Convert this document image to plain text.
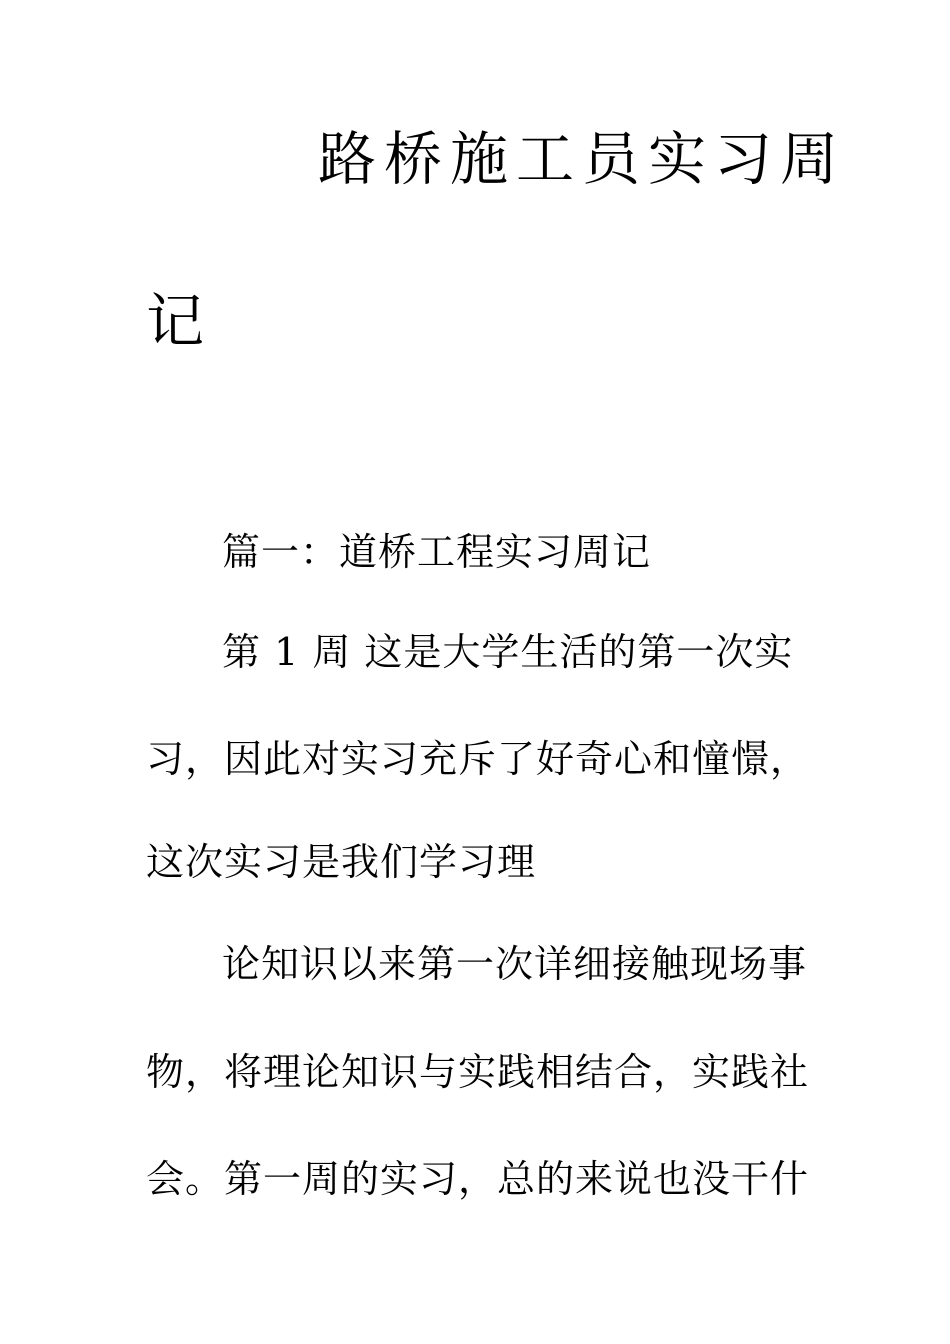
路桥施工员实习周
记
篇一：道桥工程实习周记
第 1 周 这是大学生活的第一次实
习，因此对实习充斥了好奇心和憧憬，
这次实习是我们学习理
论知识以来第一次详细接触现场事
物，将理论知识与实践相结合，实践社
会。第一周的实习，总的来说也没干什
